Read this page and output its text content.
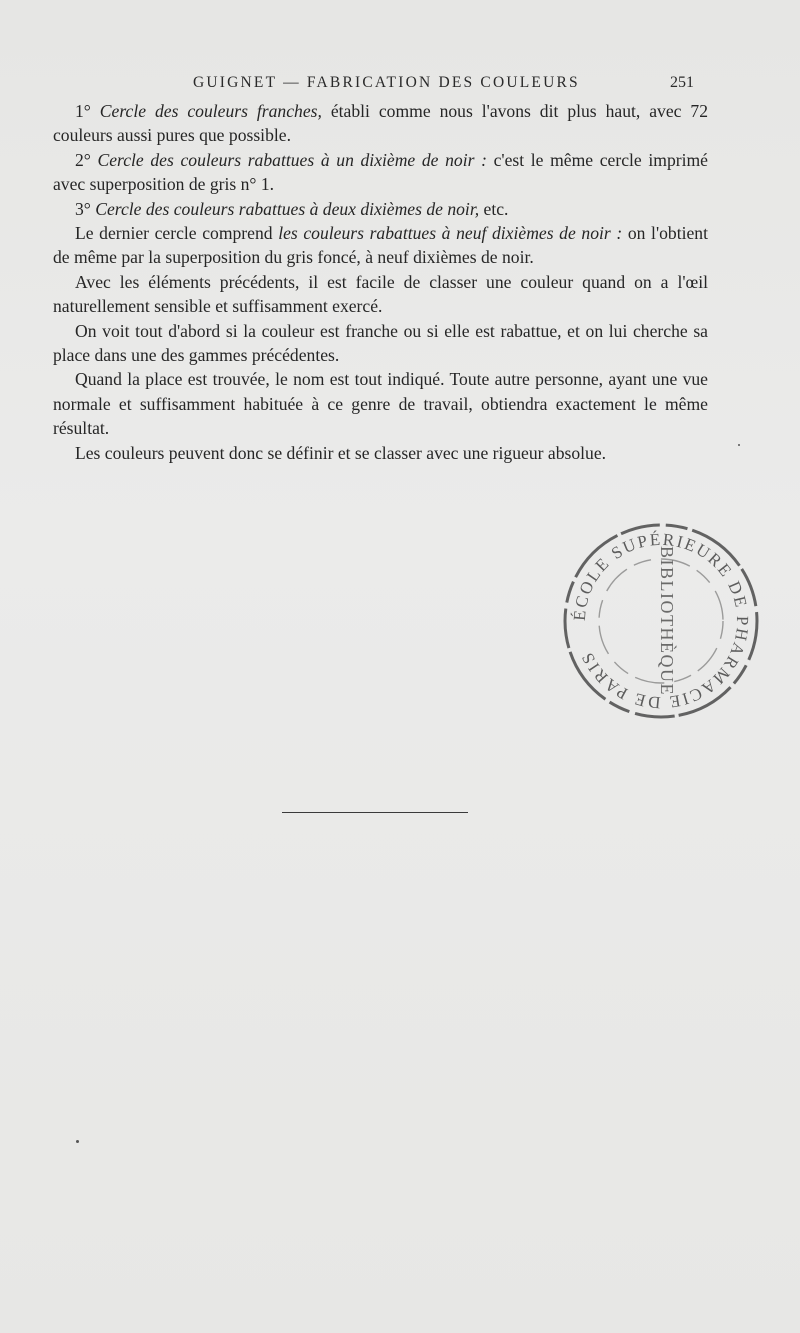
GUIGNET — FABRICATION DES COULEURS	251

1° Cercle des couleurs franches, établi comme nous l'avons dit plus haut, avec 72 couleurs aussi pures que possible.

2° Cercle des couleurs rabattues à un dixième de noir : c'est le même cercle imprimé avec superposition de gris n° 1.

3° Cercle des couleurs rabattues à deux dixièmes de noir, etc.

Le dernier cercle comprend les couleurs rabattues à neuf dixièmes de noir : on l'obtient de même par la superposition du gris foncé, à neuf dixièmes de noir.

Avec les éléments précédents, il est facile de classer une couleur quand on a l'œil naturellement sensible et suffisamment exercé.

On voit tout d'abord si la couleur est franche ou si elle est rabattue, et on lui cherche sa place dans une des gammes précédentes.

Quand la place est trouvée, le nom est tout indiqué. Toute autre personne, ayant une vue normale et suffisamment habituée à ce genre de travail, obtiendra exactement le même résultat.

Les couleurs peuvent donc se définir et se classer avec une rigueur absolue.

ÉCOLE SUPÉRIEURE DE PHARMACIE DE PARIS	BIBLIOTHÈQUE
